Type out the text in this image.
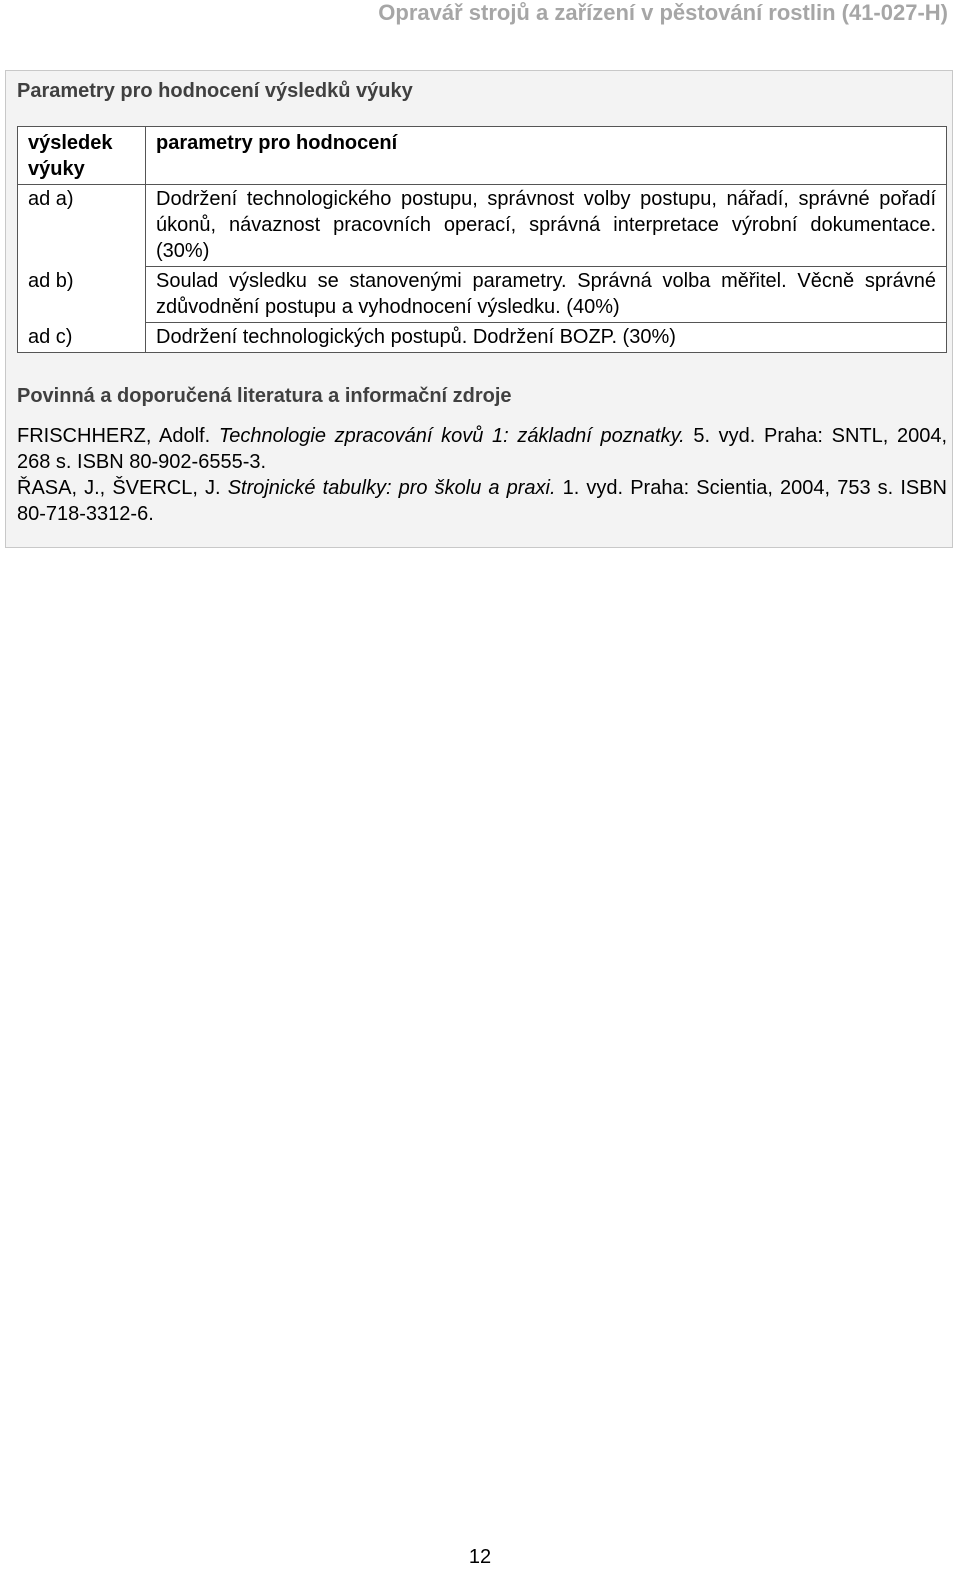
Opravář strojů a zařízení v pěstování rostlin (41-027-H)
Parametry pro hodnocení výsledků výuky
výsledek výuky	parametry pro hodnocení
ad a)	Dodržení technologického postupu, správnost volby postupu, nářadí, správné pořadí úkonů, návaznost pracovních operací, správná interpretace výrobní dokumentace. (30%)
ad b)	Soulad výsledku se stanovenými parametry. Správná volba měřitel. Věcně správné zdůvodnění postupu a vyhodnocení výsledku. (40%)
ad c)	Dodržení technologických postupů. Dodržení BOZP. (30%)
Povinná a doporučená literatura a informační zdroje

FRISCHHERZ, Adolf. Technologie zpracování kovů 1: základní poznatky. 5. vyd. Praha: SNTL, 2004, 268 s. ISBN 80-902-6555-3.

ŘASA, J., ŠVERCL, J. Strojnické tabulky: pro školu a praxi. 1. vyd. Praha: Scientia, 2004, 753 s. ISBN 80-718-3312-6.

12
